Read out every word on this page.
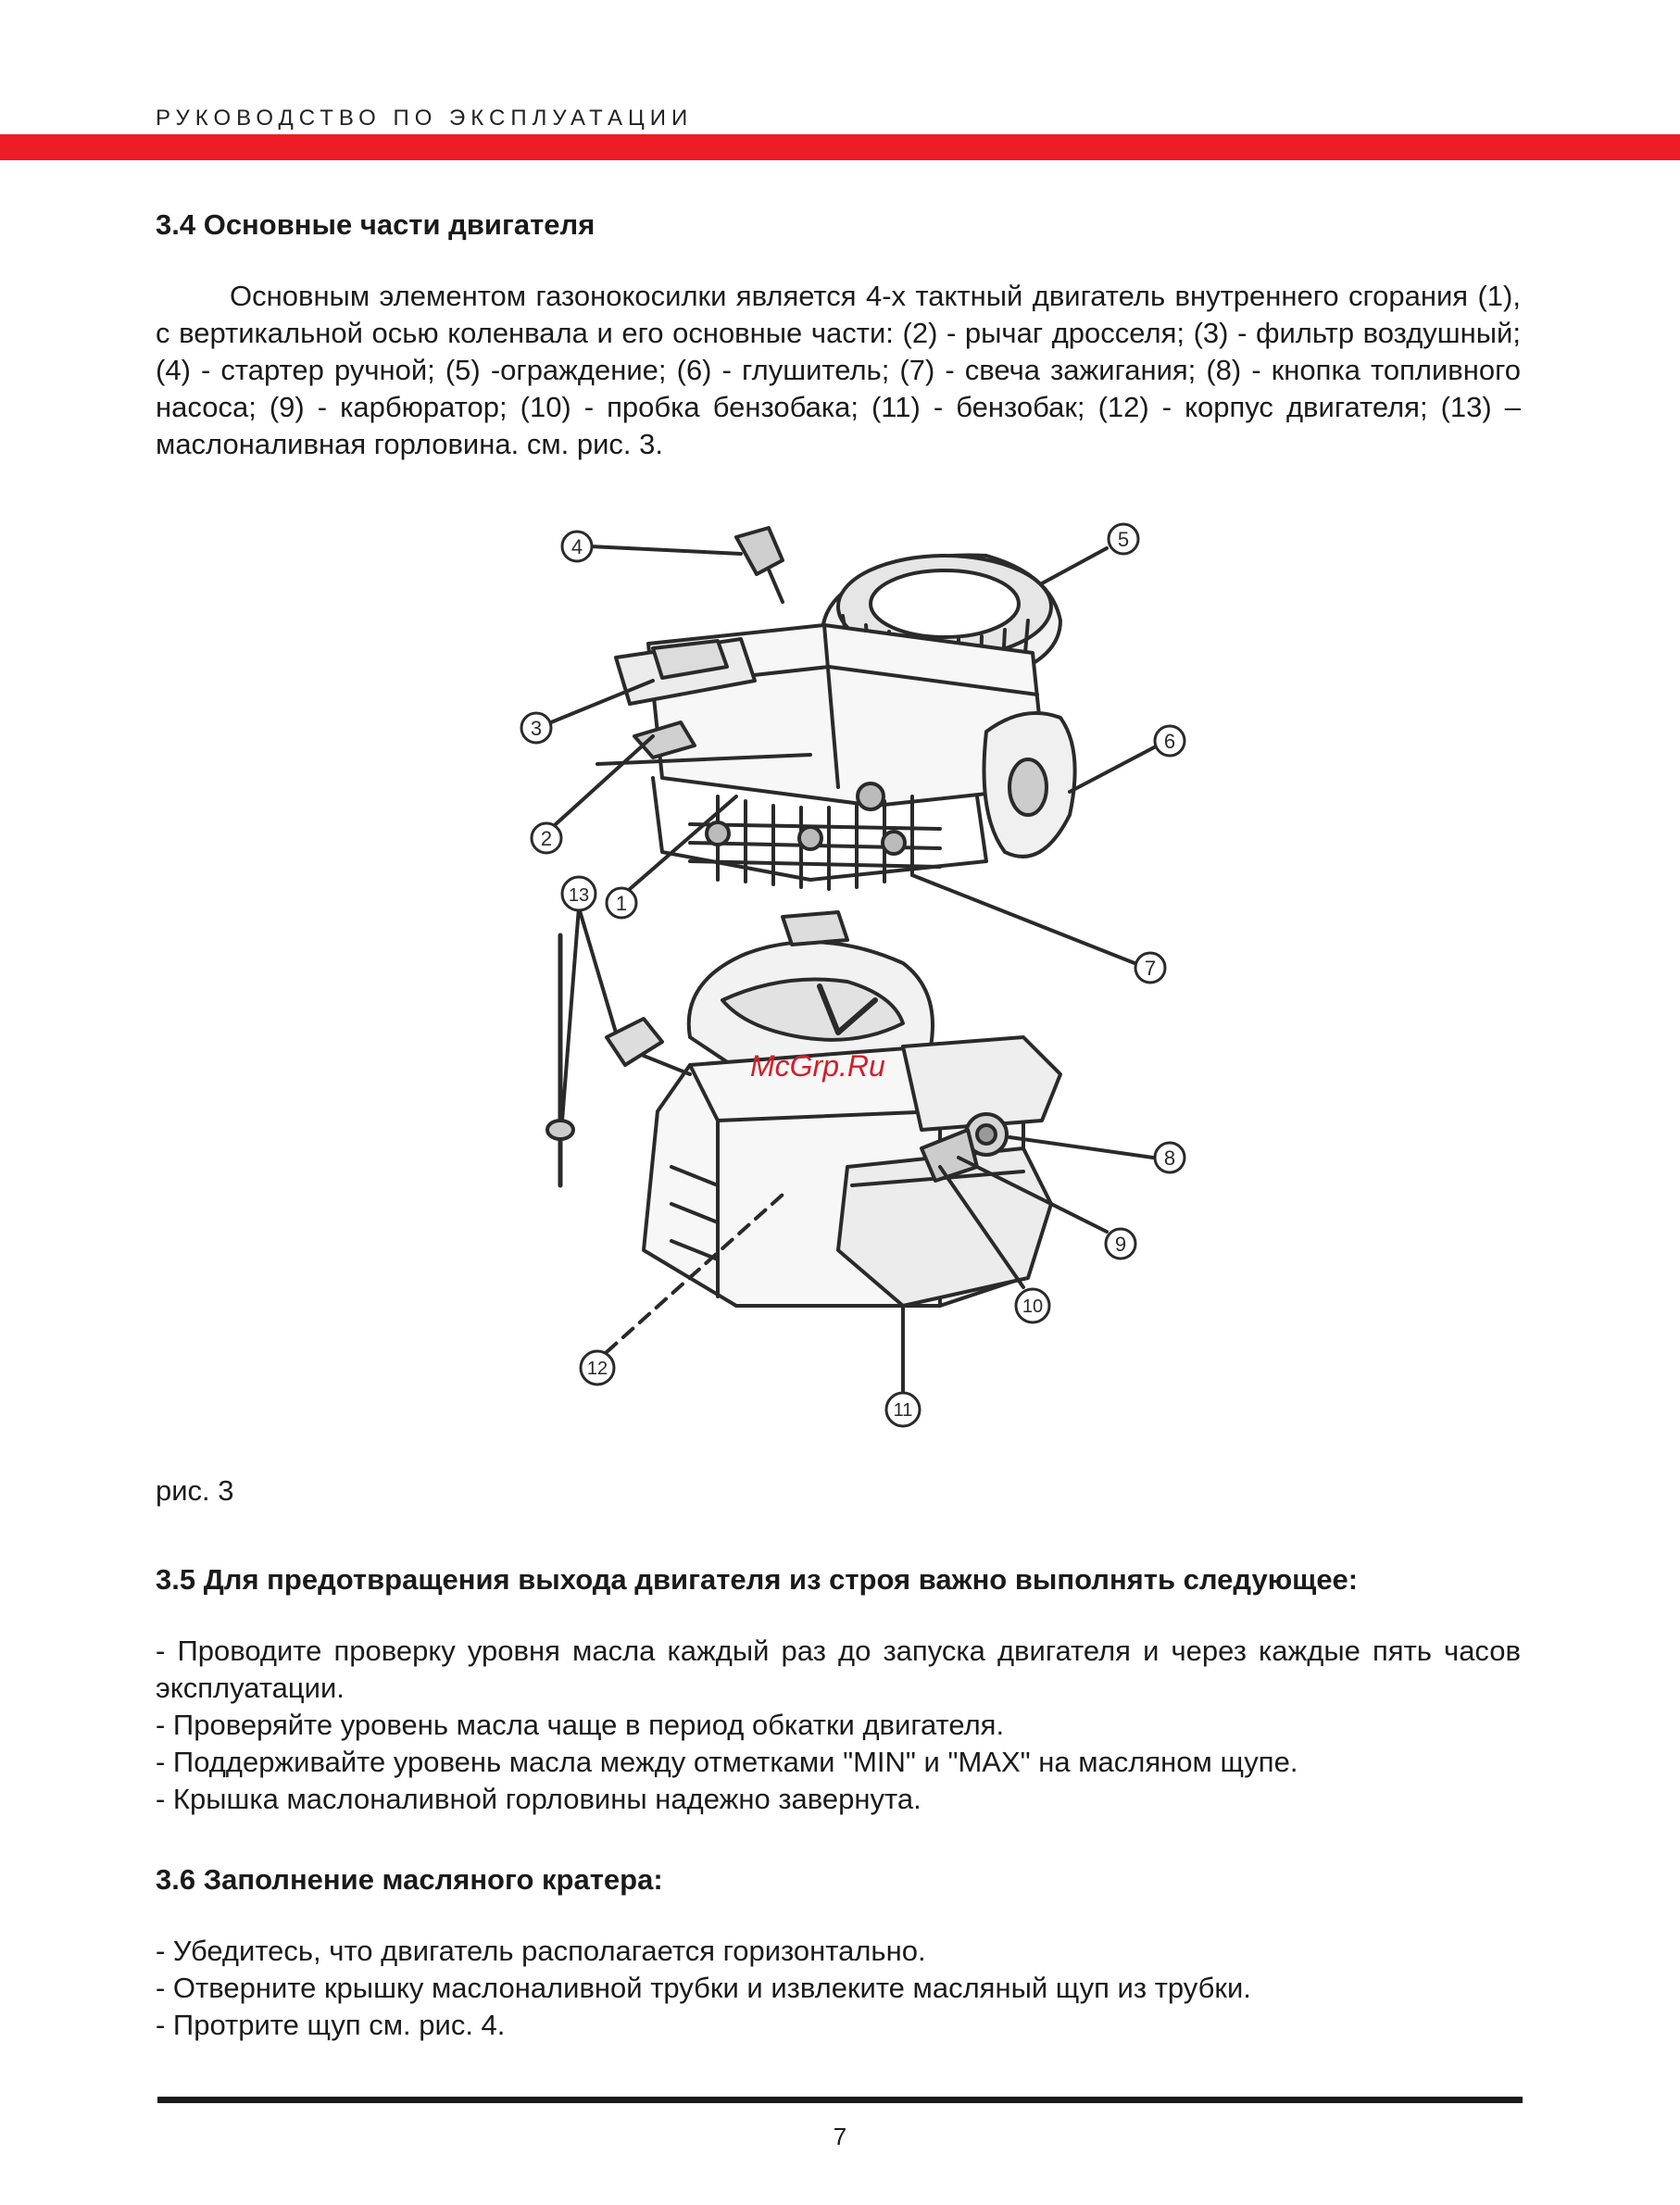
РУКОВОДСТВО ПО ЭКСПЛУАТАЦИИ
3.4 Основные части двигателя

Основным элементом газонокосилки является 4-х тактный двигатель внутреннего сгорания (1), с вертикальной осью коленвала и его основные части: (2) - рычаг дросселя; (3) - фильтр воздушный; (4) - стартер ручной; (5) -ограждение; (6) - глушитель; (7) - свеча зажигания; (8) - кнопка топливного насоса; (9) - карбюратор; (10) - пробка бензобака; (11) - бензобак; (12) - корпус двигателя; (13) – маслоналивная горловина. см. рис. 3.

4	5
3
6
2
1
7
13
8
9
10
12
11
McGrp.Ru
рис. 3
3.5 Для предотвращения выхода двигателя из строя важно выполнять следующее:

- Проводите проверку уровня масла каждый раз до запуска двигателя и через каждые пять часов эксплуатации.

- Проверяйте уровень масла чаще в период обкатки двигателя.

- Поддерживайте уровень масла между отметками "MIN" и "MAX" на масляном щупе.

- Крышка маслоналивной горловины надежно завернута.

3.6 Заполнение масляного кратера:

- Убедитесь, что двигатель располагается горизонтально.

- Отверните крышку маслоналивной трубки и извлеките масляный щуп из трубки.

- Протрите щуп см. рис. 4.

7
